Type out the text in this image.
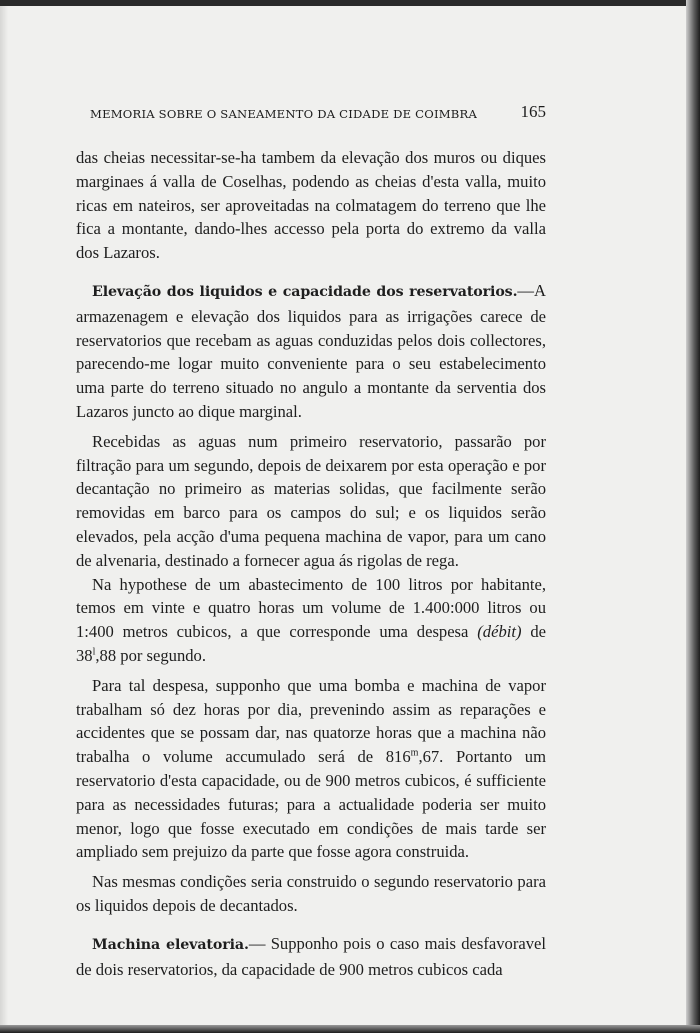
MEMORIA SOBRE O SANEAMENTO DA CIDADE DE COIMBRA	165

das cheias necessitar-se-ha tambem da elevação dos muros ou diques marginaes á valla de Coselhas, podendo as cheias d'esta valla, muito ricas em nateiros, ser aproveitadas na colmatagem do terreno que lhe fica a montante, dando-lhes accesso pela porta do extremo da valla dos Lazaros.

Elevação dos liquidos e capacidade dos reservatorios.—A armazenagem e elevação dos liquidos para as irrigações carece de reservatorios que recebam as aguas conduzidas pelos dois collectores, parecendo-me logar muito conveniente para o seu estabelecimento uma parte do terreno situado no angulo a montante da serventia dos Lazaros juncto ao dique marginal.

Recebidas as aguas num primeiro reservatorio, passarão por filtração para um segundo, depois de deixarem por esta operação e por decantação no primeiro as materias solidas, que facilmente serão removidas em barco para os campos do sul; e os liquidos serão elevados, pela acção d'uma pequena machina de vapor, para um cano de alvenaria, destinado a fornecer agua ás rigolas de rega.

Na hypothese de um abastecimento de 100 litros por habitante, temos em vinte e quatro horas um volume de 1.400:000 litros ou 1:400 metros cubicos, a que corresponde uma despesa (débit) de 38$^l$,88 por segundo.

Para tal despesa, supponho que uma bomba e machina de vapor trabalham só dez horas por dia, prevenindo assim as reparações e accidentes que se possam dar, nas quatorze horas que a machina não trabalha o volume accumulado será de 816$^m$,67. Portanto um reservatorio d'esta capacidade, ou de 900 metros cubicos, é sufficiente para as necessidades futuras; para a actualidade poderia ser muito menor, logo que fosse executado em condições de mais tarde ser ampliado sem prejuizo da parte que fosse agora construida.

Nas mesmas condições seria construido o segundo reservatorio para os liquidos depois de decantados.

Machina elevatoria.— Supponho pois o caso mais desfavoravel de dois reservatorios, da capacidade de 900 metros cubicos cada
